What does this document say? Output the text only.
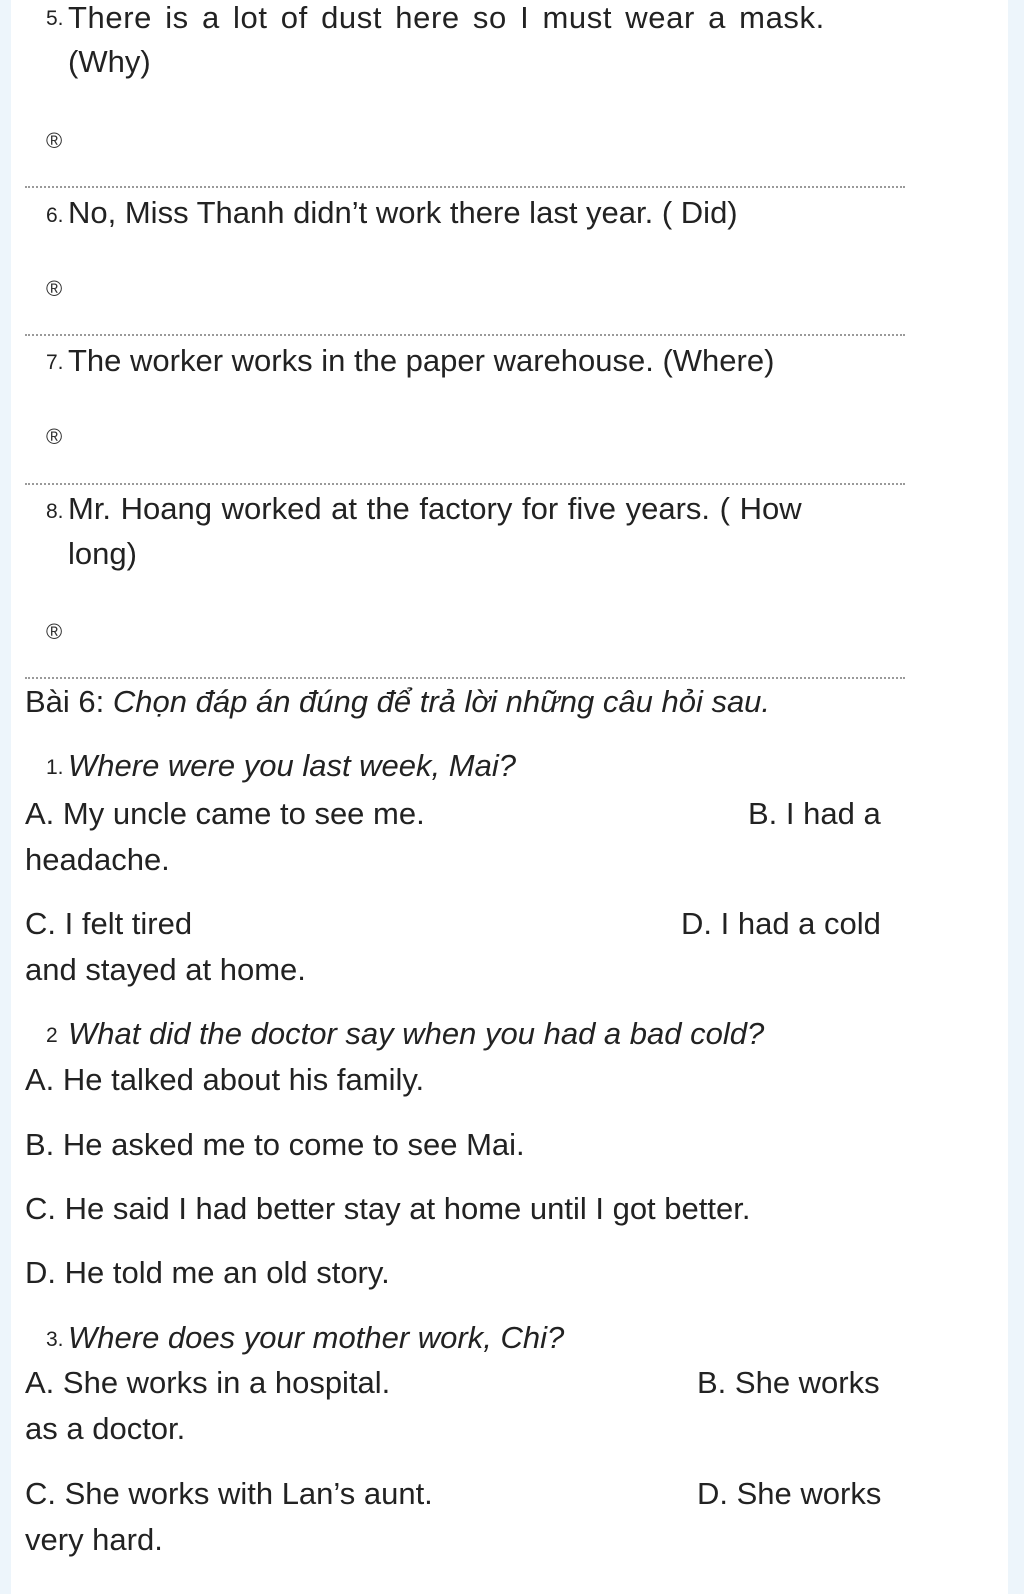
5. There is a lot of dust here so I must wear a mask.
(Why)
®
6. No, Miss Thanh didn’t work there last year. ( Did)
®
7. The worker works in the paper warehouse. (Where)
®
8. Mr. Hoang worked at the factory for five years. ( How
long)
®
Bài 6: Chọn đáp án đúng để trả lời những câu hỏi sau.
1. Where were you last week, Mai?
A. My uncle came to see me.	B. I had a
headache.
C. I felt tired	D. I had a cold
and stayed at home.
2 What did the doctor say when you had a bad cold?
A. He talked about his family.
B. He asked me to come to see Mai.
C. He said I had better stay at home until I got better.
D. He told me an old story.
3. Where does your mother work, Chi?
A. She works in a hospital.	B. She works
as a doctor.
C. She works with Lan’s aunt.	D. She works
very hard.
